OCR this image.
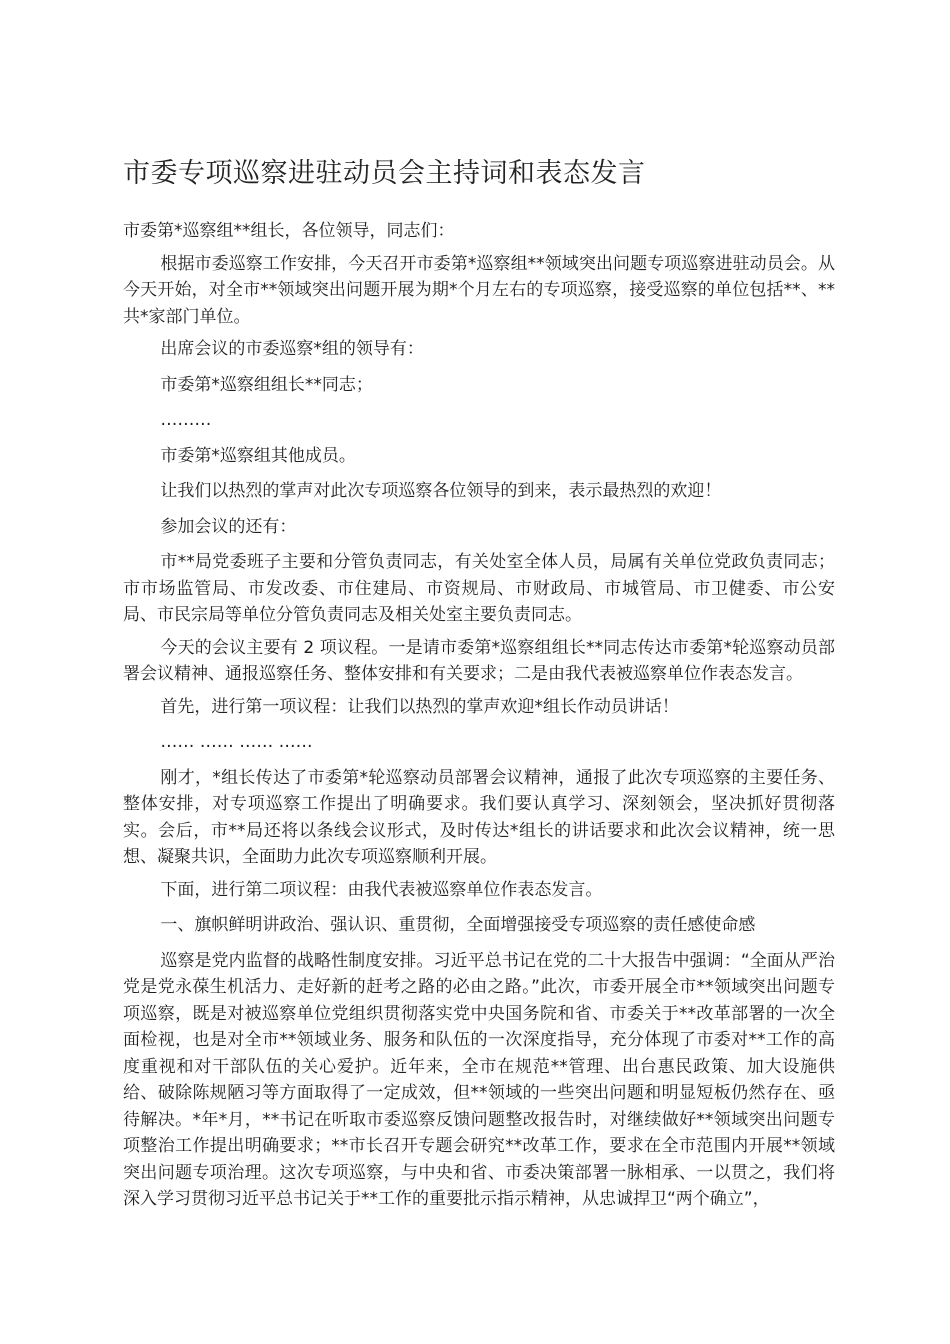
市委专项巡察进驻动员会主持词和表态发言

市委第*巡察组**组长，各位领导，同志们：

根据市委巡察工作安排，今天召开市委第*巡察组**领域突出问题专项巡察进驻动员会。从今天开始，对全市**领域突出问题开展为期*个月左右的专项巡察，接受巡察的单位包括**、**共*家部门单位。

出席会议的市委巡察*组的领导有：

市委第*巡察组组长**同志；

………

市委第*巡察组其他成员。

让我们以热烈的掌声对此次专项巡察各位领导的到来，表示最热烈的欢迎！

参加会议的还有：

市**局党委班子主要和分管负责同志，有关处室全体人员，局属有关单位党政负责同志；市市场监管局、市发改委、市住建局、市资规局、市财政局、市城管局、市卫健委、市公安局、市民宗局等单位分管负责同志及相关处室主要负责同志。

今天的会议主要有 2 项议程。一是请市委第*巡察组组长**同志传达市委第*轮巡察动员部署会议精神、通报巡察任务、整体安排和有关要求；二是由我代表被巡察单位作表态发言。

首先，进行第一项议程：让我们以热烈的掌声欢迎*组长作动员讲话！

…… …… …… ……

刚才，*组长传达了市委第*轮巡察动员部署会议精神，通报了此次专项巡察的主要任务、整体安排，对专项巡察工作提出了明确要求。我们要认真学习、深刻领会，坚决抓好贯彻落实。会后，市**局还将以条线会议形式，及时传达*组长的讲话要求和此次会议精神，统一思想、凝聚共识，全面助力此次专项巡察顺利开展。

下面，进行第二项议程：由我代表被巡察单位作表态发言。

一、旗帜鲜明讲政治、强认识、重贯彻，全面增强接受专项巡察的责任感使命感

巡察是党内监督的战略性制度安排。习近平总书记在党的二十大报告中强调：“全面从严治党是党永葆生机活力、走好新的赶考之路的必由之路。”此次，市委开展全市**领域突出问题专项巡察，既是对被巡察单位党组织贯彻落实党中央国务院和省、市委关于**改革部署的一次全面检视，也是对全市**领域业务、服务和队伍的一次深度指导，充分体现了市委对**工作的高度重视和对干部队伍的关心爱护。近年来，全市在规范**管理、出台惠民政策、加大设施供给、破除陈规陋习等方面取得了一定成效，但**领域的一些突出问题和明显短板仍然存在、亟待解决。*年*月，**书记在听取市委巡察反馈问题整改报告时，对继续做好**领域突出问题专项整治工作提出明确要求；**市长召开专题会研究**改革工作，要求在全市范围内开展**领域突出问题专项治理。这次专项巡察，与中央和省、市委决策部署一脉相承、一以贯之，我们将深入学习贯彻习近平总书记关于**工作的重要批示指示精神，从忠诚捍卫“两个确立”，
